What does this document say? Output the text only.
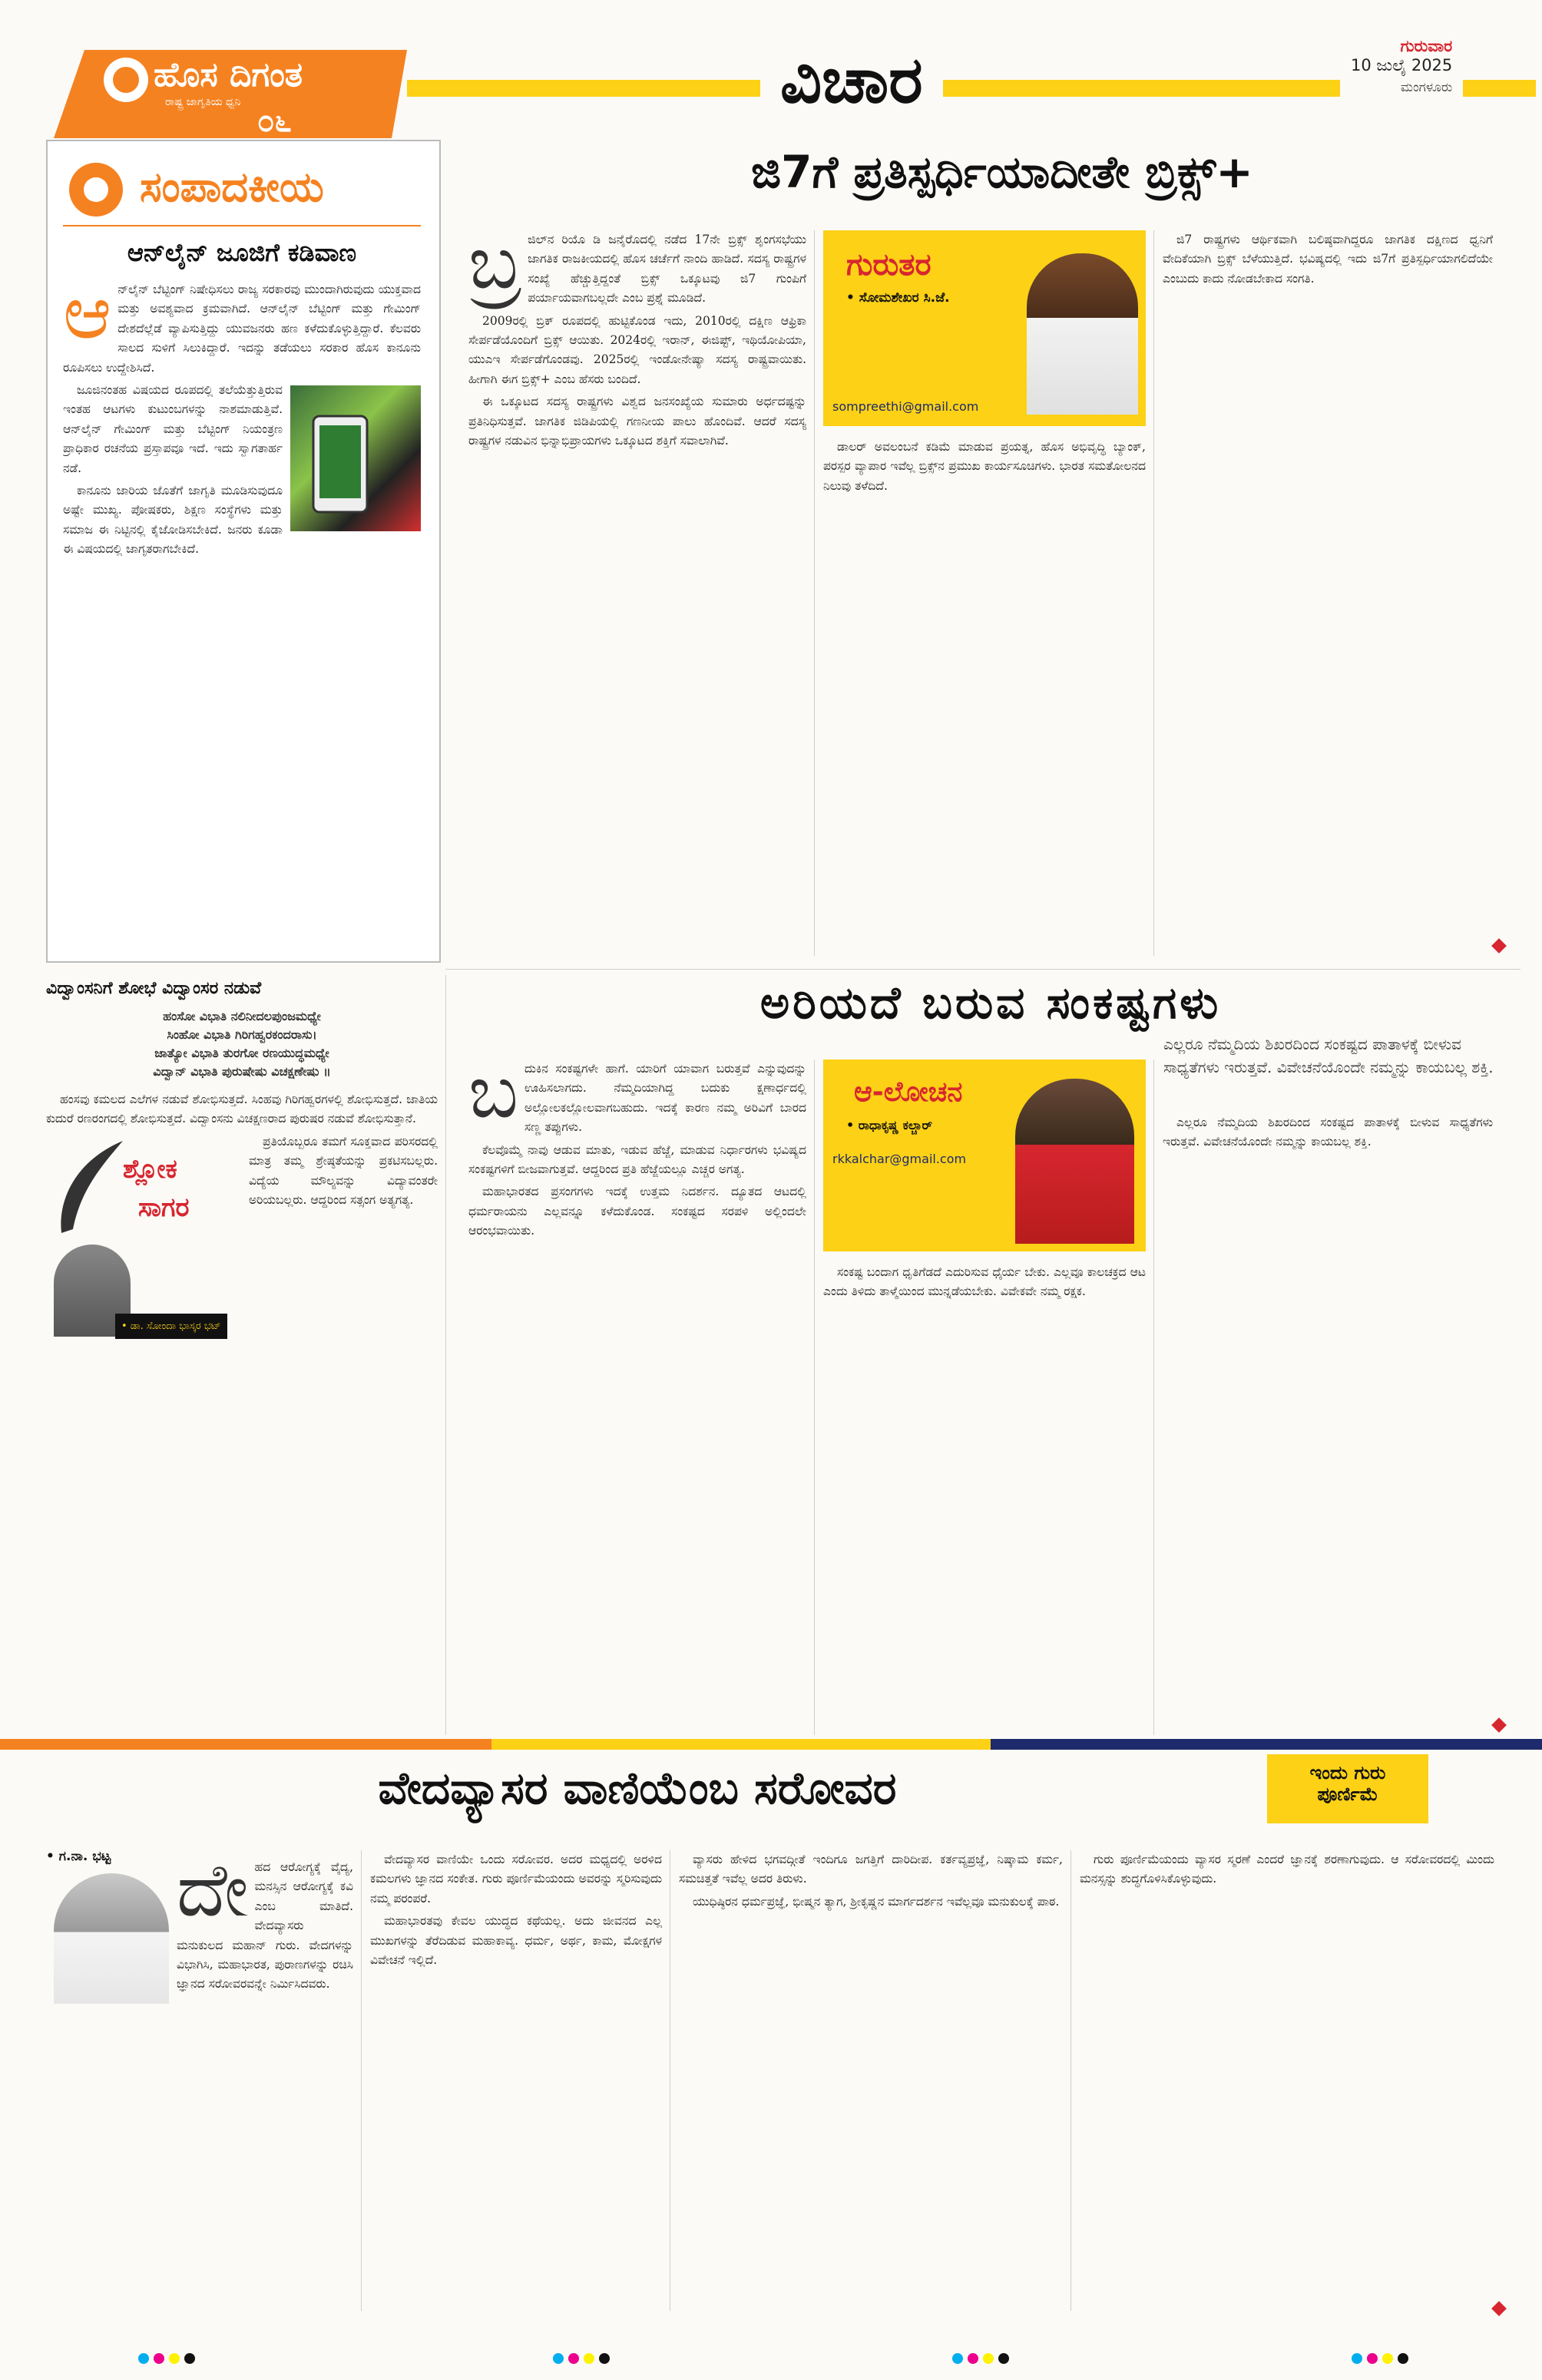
ಹೊಸ ದಿಗಂತ
ರಾಷ್ಟ್ರ ಜಾಗೃತಿಯ ಧ್ವನಿ
೦೬
ವಿಚಾರ	ಗುರುವಾರ
10 ಜುಲೈ 2025
ಮಂಗಳೂರು
ಸಂಪಾದಕೀಯ
ಆನ್‌ಲೈನ್ ಜೂಜಿಗೆ ಕಡಿವಾಣ
ಆ ನ್‌ಲೈನ್ ಬೆಟ್ಟಿಂಗ್ ನಿಷೇಧಿಸಲು ರಾಜ್ಯ ಸರಕಾರವು ಮುಂದಾಗಿರುವುದು ಯುಕ್ತವಾದ ಮತ್ತು ಅವಶ್ಯವಾದ ಕ್ರಮವಾಗಿದೆ. ಆನ್‌ಲೈನ್ ಬೆಟ್ಟಿಂಗ್ ಮತ್ತು ಗೇಮಿಂಗ್ ದೇಶದೆಲ್ಲೆಡೆ ವ್ಯಾಪಿಸುತ್ತಿದ್ದು ಯುವಜನರು ಹಣ ಕಳೆದುಕೊಳ್ಳುತ್ತಿದ್ದಾರೆ. ಕೆಲವರು ಸಾಲದ ಸುಳಿಗೆ ಸಿಲುಕಿದ್ದಾರೆ. ಇದನ್ನು ತಡೆಯಲು ಸರಕಾರ ಹೊಸ ಕಾನೂನು ರೂಪಿಸಲು ಉದ್ದೇಶಿಸಿದೆ.

ಜೂಜಿನಂತಹ ವಿಷಯದ ರೂಪದಲ್ಲಿ ತಲೆಯೆತ್ತುತ್ತಿರುವ ಇಂತಹ ಆಟಗಳು ಕುಟುಂಬಗಳನ್ನು ನಾಶಮಾಡುತ್ತಿವೆ. ಆನ್‌ಲೈನ್ ಗೇಮಿಂಗ್ ಮತ್ತು ಬೆಟ್ಟಿಂಗ್ ನಿಯಂತ್ರಣ ಪ್ರಾಧಿಕಾರ ರಚನೆಯ ಪ್ರಸ್ತಾಪವೂ ಇದೆ. ಇದು ಸ್ವಾಗತಾರ್ಹ ನಡೆ.

ಕಾನೂನು ಜಾರಿಯ ಜೊತೆಗೆ ಜಾಗೃತಿ ಮೂಡಿಸುವುದೂ ಅಷ್ಟೇ ಮುಖ್ಯ. ಪೋಷಕರು, ಶಿಕ್ಷಣ ಸಂಸ್ಥೆಗಳು ಮತ್ತು ಸಮಾಜ ಈ ನಿಟ್ಟಿನಲ್ಲಿ ಕೈಜೋಡಿಸಬೇಕಿದೆ. ಜನರು ಕೂಡಾ ಈ ವಿಷಯದಲ್ಲಿ ಜಾಗೃತರಾಗಬೇಕಿದೆ.

ಜಿ7ಗೆ ಪ್ರತಿಸ್ಪರ್ಧಿಯಾದೀತೇ ಬ್ರಿಕ್ಸ್+
ಬ್ರ ಜಿಲ್‌ನ ರಿಯೊ ಡಿ ಜನೈರೊದಲ್ಲಿ ನಡೆದ 17ನೇ ಬ್ರಿಕ್ಸ್ ಶೃಂಗಸಭೆಯು ಜಾಗತಿಕ ರಾಜಕೀಯದಲ್ಲಿ ಹೊಸ ಚರ್ಚೆಗೆ ನಾಂದಿ ಹಾಡಿದೆ. ಸದಸ್ಯ ರಾಷ್ಟ್ರಗಳ ಸಂಖ್ಯೆ ಹೆಚ್ಚುತ್ತಿದ್ದಂತೆ ಬ್ರಿಕ್ಸ್ ಒಕ್ಕೂಟವು ಜಿ7 ಗುಂಪಿಗೆ ಪರ್ಯಾಯವಾಗಬಲ್ಲದೇ ಎಂಬ ಪ್ರಶ್ನೆ ಮೂಡಿದೆ.

2009ರಲ್ಲಿ ಬ್ರಿಕ್ ರೂಪದಲ್ಲಿ ಹುಟ್ಟಿಕೊಂಡ ಇದು, 2010ರಲ್ಲಿ ದಕ್ಷಿಣ ಆಫ್ರಿಕಾ ಸೇರ್ಪಡೆಯೊಂದಿಗೆ ಬ್ರಿಕ್ಸ್ ಆಯಿತು. 2024ರಲ್ಲಿ ಇರಾನ್, ಈಜಿಪ್ಟ್, ಇಥಿಯೋಪಿಯಾ, ಯುಎಇ ಸೇರ್ಪಡೆಗೊಂಡವು. 2025ರಲ್ಲಿ ಇಂಡೋನೇಷ್ಯಾ ಸದಸ್ಯ ರಾಷ್ಟ್ರವಾಯಿತು. ಹೀಗಾಗಿ ಈಗ ಬ್ರಿಕ್ಸ್+ ಎಂಬ ಹೆಸರು ಬಂದಿದೆ.

ಈ ಒಕ್ಕೂಟದ ಸದಸ್ಯ ರಾಷ್ಟ್ರಗಳು ವಿಶ್ವದ ಜನಸಂಖ್ಯೆಯ ಸುಮಾರು ಅರ್ಧದಷ್ಟನ್ನು ಪ್ರತಿನಿಧಿಸುತ್ತವೆ. ಜಾಗತಿಕ ಜಿಡಿಪಿಯಲ್ಲಿ ಗಣನೀಯ ಪಾಲು ಹೊಂದಿವೆ. ಆದರೆ ಸದಸ್ಯ ರಾಷ್ಟ್ರಗಳ ನಡುವಿನ ಭಿನ್ನಾಭಿಪ್ರಾಯಗಳು ಒಕ್ಕೂಟದ ಶಕ್ತಿಗೆ ಸವಾಲಾಗಿವೆ.

ಗುರುತರ
• ಸೋಮಶೇಖರ ಸಿ.ಜೆ.
sompreethi@gmail.com

ಡಾಲರ್ ಅವಲಂಬನೆ ಕಡಿಮೆ ಮಾಡುವ ಪ್ರಯತ್ನ, ಹೊಸ ಅಭಿವೃದ್ಧಿ ಬ್ಯಾಂಕ್, ಪರಸ್ಪರ ವ್ಯಾಪಾರ ಇವೆಲ್ಲ ಬ್ರಿಕ್ಸ್‌ನ ಪ್ರಮುಖ ಕಾರ್ಯಸೂಚಿಗಳು. ಭಾರತ ಸಮತೋಲನದ ನಿಲುವು ತಳೆದಿದೆ.

ಜಿ7 ರಾಷ್ಟ್ರಗಳು ಆರ್ಥಿಕವಾಗಿ ಬಲಿಷ್ಠವಾಗಿದ್ದರೂ ಜಾಗತಿಕ ದಕ್ಷಿಣದ ಧ್ವನಿಗೆ ವೇದಿಕೆಯಾಗಿ ಬ್ರಿಕ್ಸ್ ಬೆಳೆಯುತ್ತಿದೆ. ಭವಿಷ್ಯದಲ್ಲಿ ಇದು ಜಿ7ಗೆ ಪ್ರತಿಸ್ಪರ್ಧಿಯಾಗಲಿದೆಯೇ ಎಂಬುದು ಕಾದು ನೋಡಬೇಕಾದ ಸಂಗತಿ.

ವಿದ್ವಾಂಸನಿಗೆ ಶೋಭೆ ವಿದ್ವಾಂಸರ ನಡುವೆ
ಹಂಸೋ ವಿಭಾತಿ ನಲಿನೀದಲಪುಂಜಮಧ್ಯೇ
ಸಿಂಹೋ ವಿಭಾತಿ ಗಿರಿಗಹ್ವರಕಂದರಾಸು।
ಜಾತ್ಯೋ ವಿಭಾತಿ ತುರಗೋ ರಣಯುದ್ಧಮಧ್ಯೇ
ವಿದ್ವಾನ್ ವಿಭಾತಿ ಪುರುಷೇಷು ವಿಚಕ್ಷಣೇಷು ॥

ಹಂಸವು ಕಮಲದ ಎಲೆಗಳ ನಡುವೆ ಶೋಭಿಸುತ್ತದೆ. ಸಿಂಹವು ಗಿರಿಗಹ್ವರಗಳಲ್ಲಿ ಶೋಭಿಸುತ್ತದೆ. ಜಾತಿಯ ಕುದುರೆ ರಣರಂಗದಲ್ಲಿ ಶೋಭಿಸುತ್ತದೆ. ವಿದ್ವಾಂಸನು ವಿಚಕ್ಷಣರಾದ ಪುರುಷರ ನಡುವೆ ಶೋಭಿಸುತ್ತಾನೆ.

ಶ್ಲೋಕ
ಸಾಗರ
• ಡಾ. ಸೋಂದಾ ಭಾಸ್ಕರ ಭಟ್

ಪ್ರತಿಯೊಬ್ಬರೂ ತಮಗೆ ಸೂಕ್ತವಾದ ಪರಿಸರದಲ್ಲಿ ಮಾತ್ರ ತಮ್ಮ ಶ್ರೇಷ್ಠತೆಯನ್ನು ಪ್ರಕಟಿಸಬಲ್ಲರು. ವಿದ್ಯೆಯ ಮೌಲ್ಯವನ್ನು ವಿದ್ಯಾವಂತರೇ ಅರಿಯಬಲ್ಲರು. ಆದ್ದರಿಂದ ಸತ್ಸಂಗ ಅತ್ಯಗತ್ಯ.

ಅರಿಯದೆ ಬರುವ ಸಂಕಷ್ಟಗಳು
ಬ ದುಕಿನ ಸಂಕಷ್ಟಗಳೇ ಹಾಗೆ. ಯಾರಿಗೆ ಯಾವಾಗ ಬರುತ್ತವೆ ಎನ್ನುವುದನ್ನು ಊಹಿಸಲಾಗದು. ನೆಮ್ಮದಿಯಾಗಿದ್ದ ಬದುಕು ಕ್ಷಣಾರ್ಧದಲ್ಲಿ ಅಲ್ಲೋಲಕಲ್ಲೋಲವಾಗಬಹುದು. ಇದಕ್ಕೆ ಕಾರಣ ನಮ್ಮ ಅರಿವಿಗೆ ಬಾರದ ಸಣ್ಣ ತಪ್ಪುಗಳು.

ಕೆಲವೊಮ್ಮೆ ನಾವು ಆಡುವ ಮಾತು, ಇಡುವ ಹೆಜ್ಜೆ, ಮಾಡುವ ನಿರ್ಧಾರಗಳು ಭವಿಷ್ಯದ ಸಂಕಷ್ಟಗಳಿಗೆ ಬೀಜವಾಗುತ್ತವೆ. ಆದ್ದರಿಂದ ಪ್ರತಿ ಹೆಜ್ಜೆಯಲ್ಲೂ ಎಚ್ಚರ ಅಗತ್ಯ.

ಮಹಾಭಾರತದ ಪ್ರಸಂಗಗಳು ಇದಕ್ಕೆ ಉತ್ತಮ ನಿದರ್ಶನ. ದ್ಯೂತದ ಆಟದಲ್ಲಿ ಧರ್ಮರಾಯನು ಎಲ್ಲವನ್ನೂ ಕಳೆದುಕೊಂಡ. ಸಂಕಷ್ಟದ ಸರಪಳಿ ಅಲ್ಲಿಂದಲೇ ಆರಂಭವಾಯಿತು.

ಆ-ಲೋಚನ
• ರಾಧಾಕೃಷ್ಣ ಕಲ್ಚಾರ್
rkkalchar@gmail.com

ಸಂಕಷ್ಟ ಬಂದಾಗ ಧೃತಿಗೆಡದೆ ಎದುರಿಸುವ ಧೈರ್ಯ ಬೇಕು. ಎಲ್ಲವೂ ಕಾಲಚಕ್ರದ ಆಟ ಎಂದು ತಿಳಿದು ತಾಳ್ಮೆಯಿಂದ ಮುನ್ನಡೆಯಬೇಕು. ವಿವೇಕವೇ ನಮ್ಮ ರಕ್ಷಕ.

ಎಲ್ಲರೂ ನೆಮ್ಮದಿಯ ಶಿಖರದಿಂದ ಸಂಕಷ್ಟದ ಪಾತಾಳಕ್ಕೆ ಬೀಳುವ ಸಾಧ್ಯತೆಗಳು ಇರುತ್ತವೆ. ವಿವೇಚನೆಯೊಂದೇ ನಮ್ಮನ್ನು ಕಾಯಬಲ್ಲ ಶಕ್ತಿ.

ಎಲ್ಲರೂ ನೆಮ್ಮದಿಯ ಶಿಖರದಿಂದ ಸಂಕಷ್ಟದ ಪಾತಾಳಕ್ಕೆ ಬೀಳುವ ಸಾಧ್ಯತೆಗಳು ಇರುತ್ತವೆ. ವಿವೇಚನೆಯೊಂದೇ ನಮ್ಮನ್ನು ಕಾಯಬಲ್ಲ ಶಕ್ತಿ.

ವೇದವ್ಯಾಸರ ವಾಣಿಯೆಂಬ ಸರೋವರ	ಇಂದು ಗುರು
ಪೂರ್ಣಿಮೆ
• ಗ.ನಾ. ಭಟ್ಟ ದೇ ಹದ ಆರೋಗ್ಯಕ್ಕೆ ವೈದ್ಯ, ಮನಸ್ಸಿನ ಆರೋಗ್ಯಕ್ಕೆ ಕವಿ ಎಂಬ ಮಾತಿದೆ. ವೇದವ್ಯಾಸರು ಮನುಕುಲದ ಮಹಾನ್ ಗುರು. ವೇದಗಳನ್ನು ವಿಭಾಗಿಸಿ, ಮಹಾಭಾರತ, ಪುರಾಣಗಳನ್ನು ರಚಿಸಿ ಜ್ಞಾನದ ಸರೋವರವನ್ನೇ ನಿರ್ಮಿಸಿದವರು.

ವೇದವ್ಯಾಸರ ವಾಣಿಯೇ ಒಂದು ಸರೋವರ. ಅದರ ಮಧ್ಯದಲ್ಲಿ ಅರಳಿದ ಕಮಲಗಳು ಜ್ಞಾನದ ಸಂಕೇತ. ಗುರು ಪೂರ್ಣಿಮೆಯಂದು ಅವರನ್ನು ಸ್ಮರಿಸುವುದು ನಮ್ಮ ಪರಂಪರೆ.

ಮಹಾಭಾರತವು ಕೇವಲ ಯುದ್ಧದ ಕಥೆಯಲ್ಲ. ಅದು ಜೀವನದ ಎಲ್ಲ ಮುಖಗಳನ್ನು ತೆರೆದಿಡುವ ಮಹಾಕಾವ್ಯ. ಧರ್ಮ, ಅರ್ಥ, ಕಾಮ, ಮೋಕ್ಷಗಳ ವಿವೇಚನೆ ಇಲ್ಲಿದೆ.

ವ್ಯಾಸರು ಹೇಳಿದ ಭಗವದ್ಗೀತೆ ಇಂದಿಗೂ ಜಗತ್ತಿಗೆ ದಾರಿದೀಪ. ಕರ್ತವ್ಯಪ್ರಜ್ಞೆ, ನಿಷ್ಕಾಮ ಕರ್ಮ, ಸಮಚಿತ್ತತೆ ಇವೆಲ್ಲ ಅದರ ತಿರುಳು.

ಯುಧಿಷ್ಠಿರನ ಧರ್ಮಪ್ರಜ್ಞೆ, ಭೀಷ್ಮನ ತ್ಯಾಗ, ಶ್ರೀಕೃಷ್ಣನ ಮಾರ್ಗದರ್ಶನ ಇವೆಲ್ಲವೂ ಮನುಕುಲಕ್ಕೆ ಪಾಠ.

ಗುರು ಪೂರ್ಣಿಮೆಯಂದು ವ್ಯಾಸರ ಸ್ಮರಣೆ ಎಂದರೆ ಜ್ಞಾನಕ್ಕೆ ಶರಣಾಗುವುದು. ಆ ಸರೋವರದಲ್ಲಿ ಮಿಂದು ಮನಸ್ಸನ್ನು ಶುದ್ಧಗೊಳಿಸಿಕೊಳ್ಳುವುದು.
